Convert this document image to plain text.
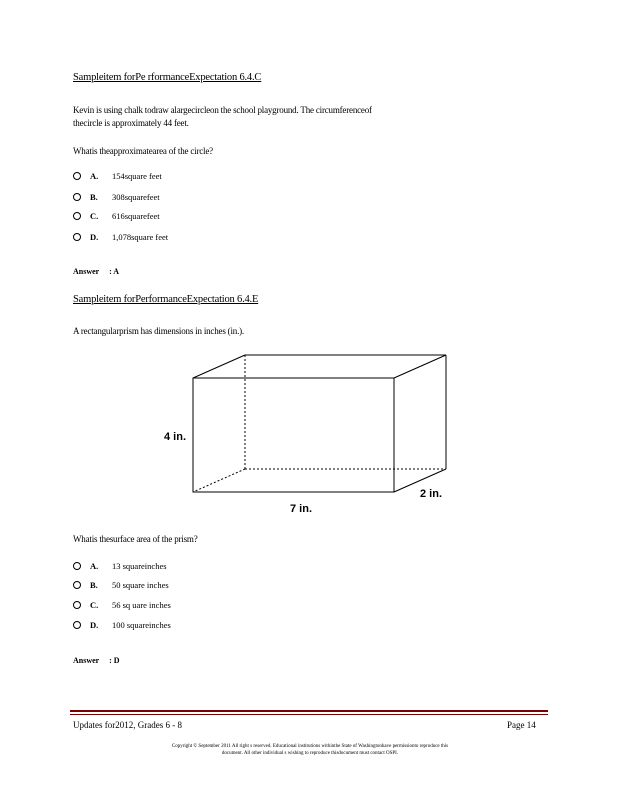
Sampleitem forPe rformanceExpectation 6.4.C
Kevin is using chalk todraw alargecircleon the school playground. The circumferenceof
thecircle is approximately 44 feet.
Whatis theapproximatearea of the circle?
A.	154square feet
B.	308squarefeet
C.	616squarefeet
D.	1,078square feet
Answer : A
Sampleitem forPerformanceExpectation 6.4.E
A rectangularprism has dimensions in inches (in.).
4 in.
7 in.
2 in.
Whatis thesurface area of the prism?
A.	13 squareinches
B.	50 square inches
C.	56 sq uare inches
D.	100 squareinches
Answer : D
Updates for2012, Grades 6 - 8	Page 14
Copyright © September 2011 All right s reserved. Educational institutions withinthe State of Washingtonhave permissionto reproduce this
document. All other individual s wishing to reproduce thisdocument must contact OSPI.
